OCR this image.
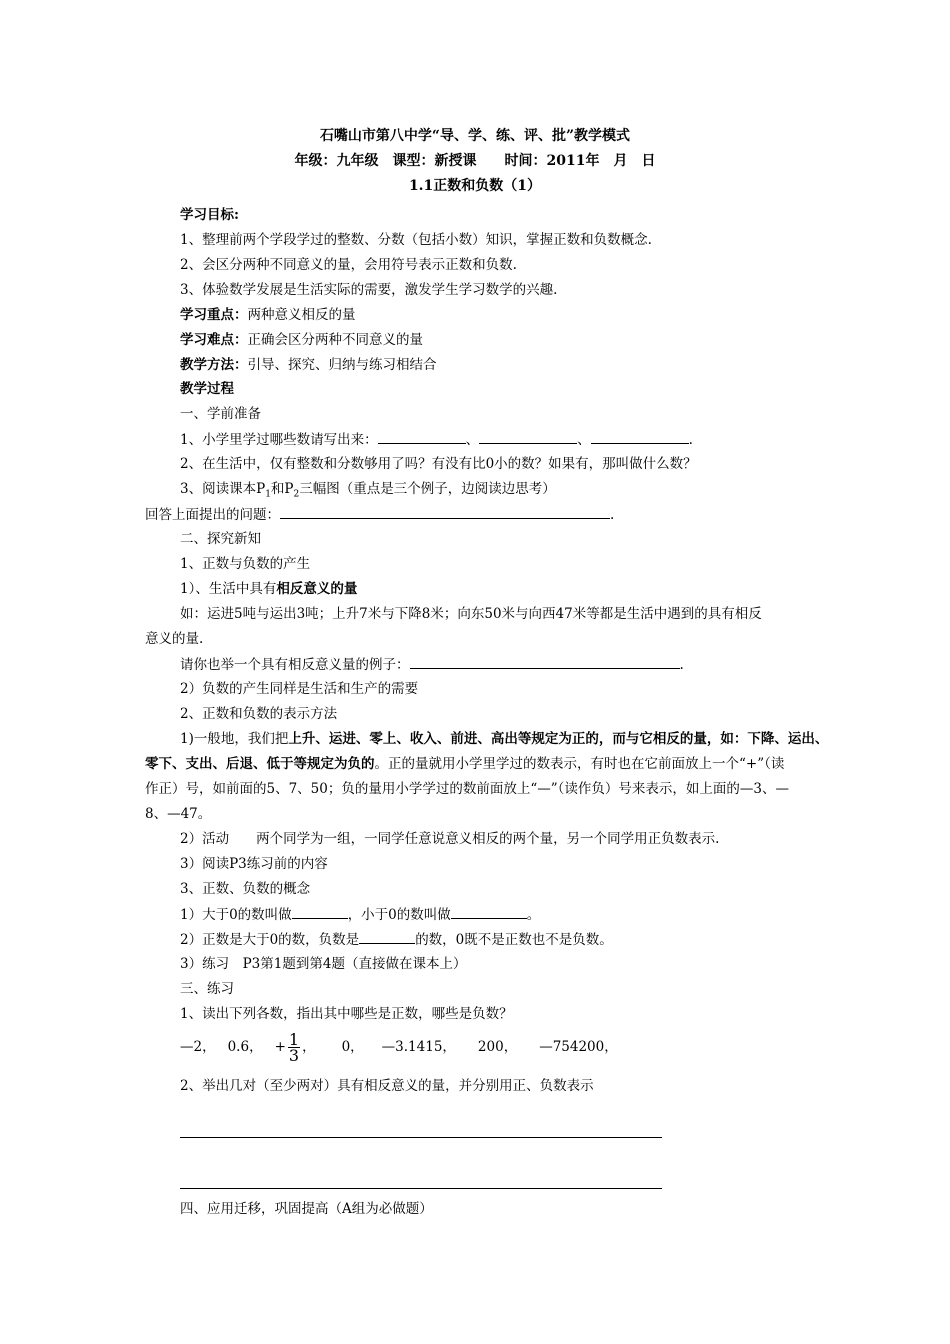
石嘴山市第八中学“导、学、练、评、批”教学模式
年级：九年级　课型：新授课　　时间：2011年　月　日
1.1正数和负数（1）
学习目标:
1、整理前两个学段学过的整数、分数（包括小数）知识，掌握正数和负数概念.
2、会区分两种不同意义的量，会用符号表示正数和负数.
3、体验数学发展是生活实际的需要，激发学生学习数学的兴趣.
学习重点：两种意义相反的量
学习难点：正确会区分两种不同意义的量
教学方法：引导、探究、归纳与练习相结合
教学过程
一、学前准备
1、小学里学过哪些数请写出来：	、	、	.
2、在生活中，仅有整数和分数够用了吗？有没有比0小的数？如果有，那叫做什么数？
3、阅读课本$P_1$和$P_2$三幅图（重点是三个例子，边阅读边思考）
回答上面提出的问题：	.
二、探究新知
1、正数与负数的产生
1）、生活中具有相反意义的量
如：运进5吨与运出3吨；上升7米与下降8米；向东50米与向西47米等都是生活中遇到的具有相反
意义的量.
请你也举一个具有相反意义量的例子：	.
2）负数的产生同样是生活和生产的需要
2、正数和负数的表示方法
1)一般地，我们把上升、运进、零上、收入、前进、高出等规定为正的，而与它相反的量，如：下降、运出、
零下、支出、后退、低于等规定为负的。正的量就用小学里学过的数表示，有时也在它前面放上一个“+”（读
作正）号，如前面的5、7、50；负的量用小学学过的数前面放上“—”（读作负）号来表示，如上面的—3、—
8、—47。
2）活动　　两个同学为一组，一同学任意说意义相反的两个量，另一个同学用正负数表示.
3）阅读P3练习前的内容
3、正数、负数的概念
1）大于0的数叫做	，小于0的数叫做	。
2）正数是大于0的数，负数是	的数，0既不是正数也不是负数。
3）练习　P3第1题到第4题（直接做在课本上）
三、练习
1、读出下列各数，指出其中哪些是正数，哪些是负数？
—2， 0.6， + $\frac{1}{3}$ ， 0， —3.1415， 200， —754200，
2、举出几对（至少两对）具有相反意义的量，并分别用正、负数表示
四、应用迁移，巩固提高（A组为必做题）
